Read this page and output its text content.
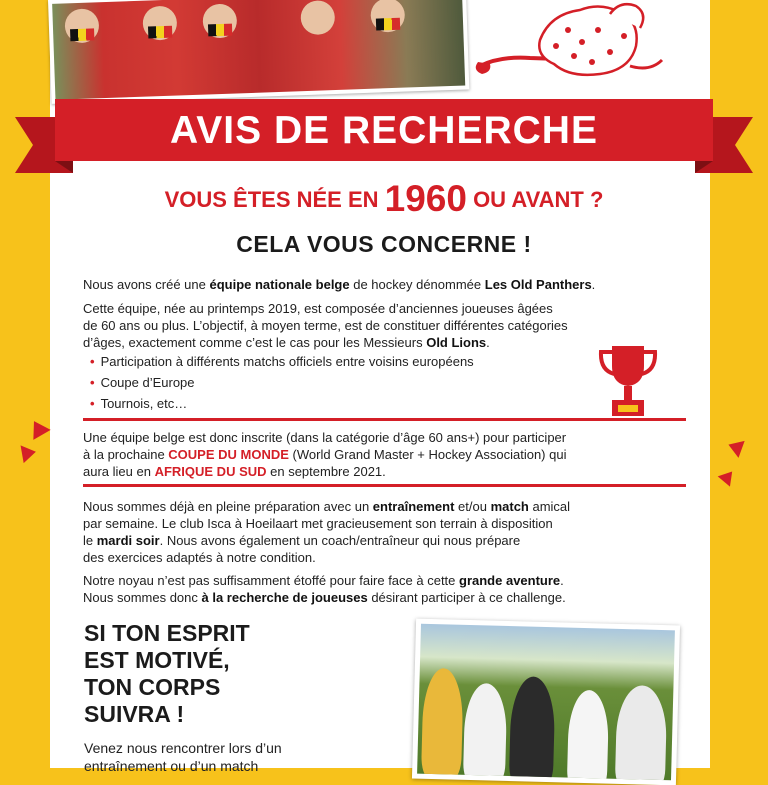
AVIS DE RECHERCHE
VOUS ÊTES NÉE EN 1960 OU AVANT ?
CELA VOUS CONCERNE !
Nous avons créé une équipe nationale belge de hockey dénommée Les Old Panthers.
Cette équipe, née au printemps 2019, est composée d’anciennes joueuses âgées
de 60 ans ou plus. L’objectif, à moyen terme, est de constituer différentes catégories
d’âges, exactement comme c’est le cas pour les Messieurs Old Lions.
• Participation à différents matchs officiels entre voisins européens
• Coupe d’Europe
• Tournois, etc…
Une équipe belge est donc inscrite (dans la catégorie d’âge 60 ans+) pour participer
à la prochaine COUPE DU MONDE (World Grand Master + Hockey Association) qui
aura lieu en AFRIQUE DU SUD en septembre 2021.
Nous sommes déjà en pleine préparation avec un entraînement et/ou match amical
par semaine. Le club Isca à Hoeilaart met gracieusement son terrain à disposition
le mardi soir. Nous avons également un coach/entraîneur qui nous prépare
des exercices adaptés à notre condition.
Notre noyau n’est pas suffisamment étoffé pour faire face à cette grande aventure.
Nous sommes donc à la recherche de joueuses désirant participer à ce challenge.
SI TON ESPRIT
EST MOTIVÉ,
TON CORPS
SUIVRA !
Venez nous rencontrer lors d’un
entraînement ou d’un match
